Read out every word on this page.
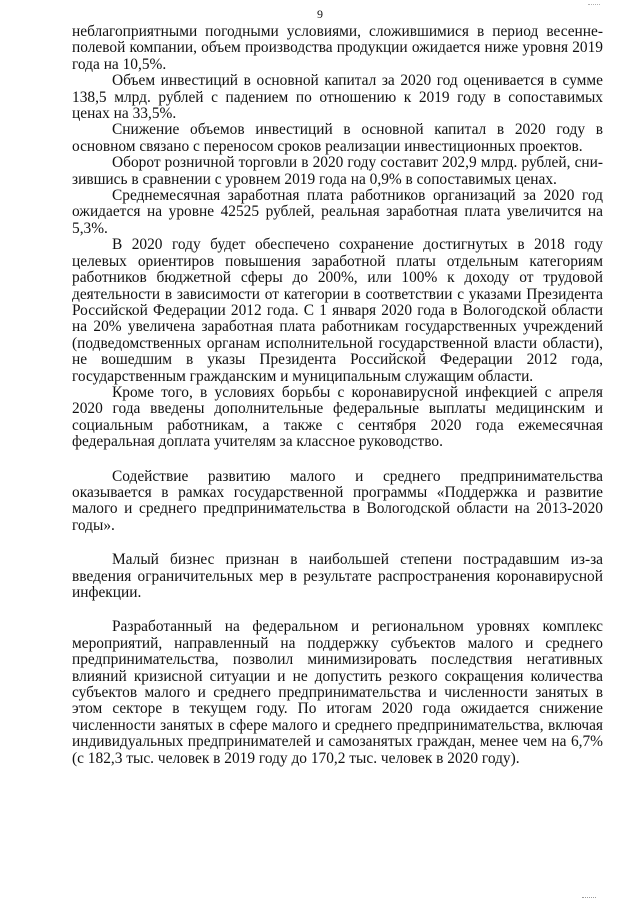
9

неблагоприятными погодными условиями, сложившимися в период весенне-полевой компании, объем производства продукции ожидается ниже уровня 2019 года на 10,5%.

Объем инвестиций в основной капитал за 2020 год оценивается в сумме 138,5 млрд. рублей с падением по отношению к 2019 году в сопоставимых ценах на 33,5%.

Снижение объемов инвестиций в основной капитал в 2020 году в основном связано с переносом сроков реализации инвестиционных проектов.

Оборот розничной торговли в 2020 году составит 202,9 млрд. рублей, сни-зившись в сравнении с уровнем 2019 года на 0,9% в сопоставимых ценах.

Среднемесячная заработная плата работников организаций за 2020 год ожидается на уровне 42525 рублей, реальная заработная плата увеличится на 5,3%.

В 2020 году будет обеспечено сохранение достигнутых в 2018 году целевых ориентиров повышения заработной платы отдельным категориям работников бюджетной сферы до 200%, или 100% к доходу от трудовой деятельности в зависимости от категории в соответствии с указами Президента Российской Федерации 2012 года. С 1 января 2020 года в Вологодской области на 20% увеличена заработная плата работникам государственных учреждений (подведомственных органам исполнительной государственной власти области), не вошедшим в указы Президента Российской Федерации 2012 года, государственным гражданским и муниципальным служащим области.

Кроме того, в условиях борьбы с коронавирусной инфекцией с апреля 2020 года введены дополнительные федеральные выплаты медицинским и социальным работникам, а также с сентября 2020 года ежемесячная федеральная доплата учителям за классное руководство.

Содействие развитию малого и среднего предпринимательства оказывается в рамках государственной программы «Поддержка и развитие малого и среднего предпринимательства в Вологодской области на 2013-2020 годы».

Малый бизнес признан в наибольшей степени пострадавшим из-за введения ограничительных мер в результате распространения коронавирусной инфекции.

Разработанный на федеральном и региональном уровнях комплекс мероприятий, направленный на поддержку субъектов малого и среднего предпринимательства, позволил минимизировать последствия негативных влияний кризисной ситуации и не допустить резкого сокращения количества субъектов малого и среднего предпринимательства и численности занятых в этом секторе в текущем году. По итогам 2020 года ожидается снижение численности занятых в сфере малого и среднего предпринимательства, включая индивидуальных предпринимателей и самозанятых граждан, менее чем на 6,7% (с 182,3 тыс. человек в 2019 году до 170,2 тыс. человек в 2020 году).
